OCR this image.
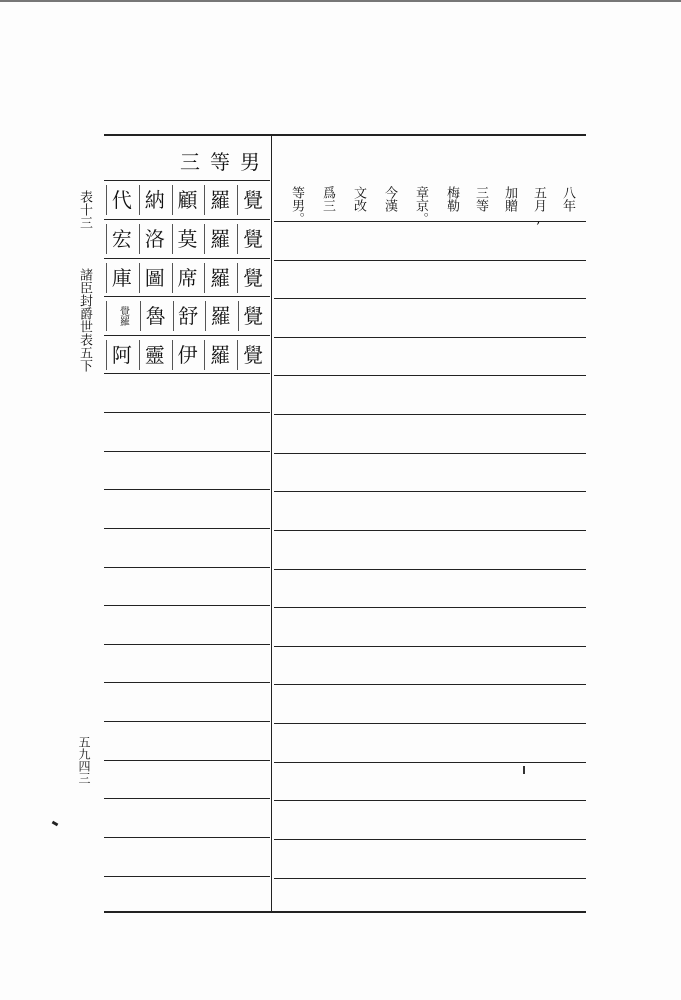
三等男
覺
羅
顧
納
代
覺
羅
莫
洛
宏
覺
羅
席
圖
庫
覺
羅
舒
魯
覺羅
覺
羅
伊
靈
阿
八年
五月,
加贈
三等
梅勒
章京。
今漢
文改
爲三
等男。
表十三
諸臣封爵世表五下
五九四三
